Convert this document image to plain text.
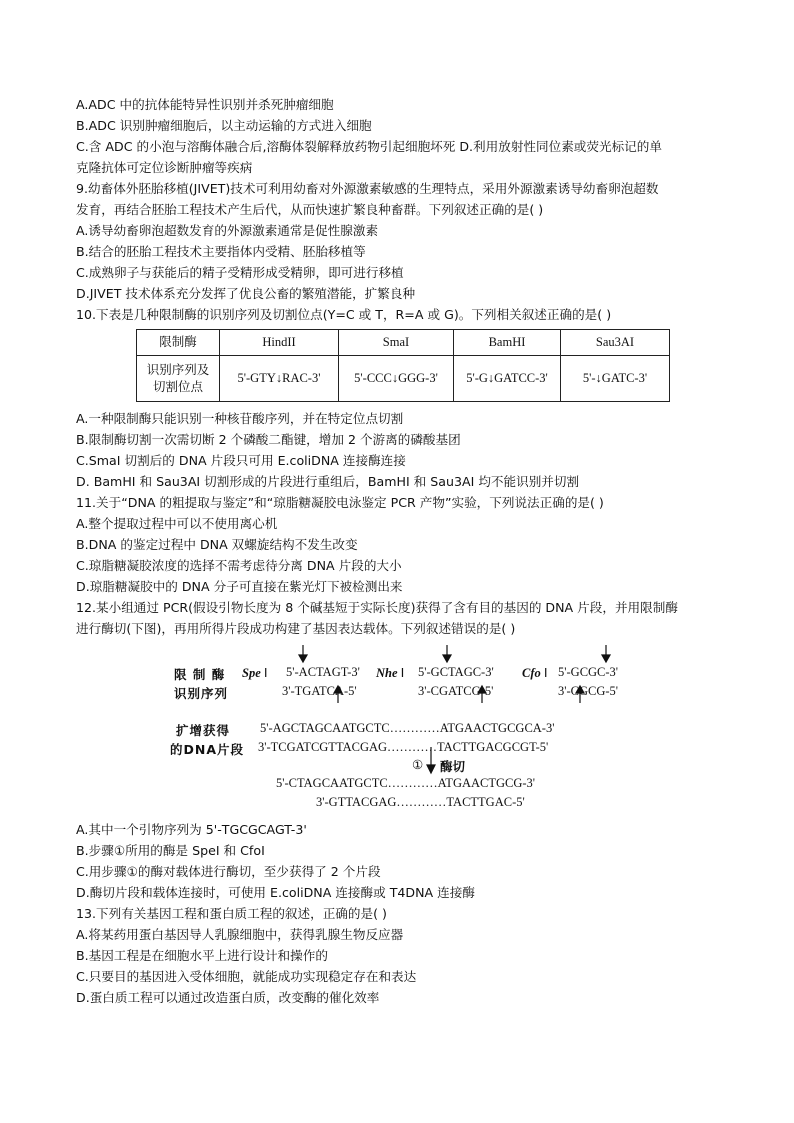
A.ADC 中的抗体能特异性识别并杀死肿瘤细胞
B.ADC 识别肿瘤细胞后，以主动运输的方式进入细胞
C.含 ADC 的小泡与溶酶体融合后,溶酶体裂解释放药物引起细胞坏死 D.利用放射性同位素或荧光标记的单
克隆抗体可定位诊断肿瘤等疾病
9.幼畜体外胚胎移植(JIVET)技术可利用幼畜对外源激素敏感的生理特点，采用外源激素诱导幼畜卵泡超数
发育，再结合胚胎工程技术产生后代，从而快速扩繁良种畜群。下列叙述正确的是( )
A.诱导幼畜卵泡超数发育的外源激素通常是促性腺激素
B.结合的胚胎工程技术主要指体内受精、胚胎移植等
C.成熟卵子与获能后的精子受精形成受精卵，即可进行移植
D.JIVET 技术体系充分发挥了优良公畜的繁殖潜能，扩繁良种
10.下表是几种限制酶的识别序列及切割位点(Y=C 或 T，R=A 或 G)。下列相关叙述正确的是( )
限制酶	HindII	SmaI	BamHI	Sau3AI
识别序列及切割位点	5'-GTY↓RAC-3'	5'-CCC↓GGG-3'	5'-G↓GATCC-3'	5'-↓GATC-3'
A.一种限制酶只能识别一种核苷酸序列，并在特定位点切割
B.限制酶切割一次需切断 2 个磷酸二酯键，增加 2 个游离的磷酸基团
C.SmaI 切割后的 DNA 片段只可用 E.coliDNA 连接酶连接
D. BamHI 和 Sau3AI 切割形成的片段进行重组后，BamHI 和 Sau3AI 均不能识别并切割
11.关于“DNA 的粗提取与鉴定”和“琼脂糖凝胶电泳鉴定 PCR 产物”实验，下列说法正确的是( )
A.整个提取过程中可以不使用离心机
B.DNA 的鉴定过程中 DNA 双螺旋结构不发生改变
C.琼脂糖凝胶浓度的选择不需考虑待分离 DNA 片段的大小
D.琼脂糖凝胶中的 DNA 分子可直接在紫光灯下被检测出来
12.某小组通过 PCR(假设引物长度为 8 个碱基短于实际长度)获得了含有目的基因的 DNA 片段，并用限制酶
进行酶切(下图)，再用所得片段成功构建了基因表达载体。下列叙述错误的是( )
限 制 酶
识别序列
Spe Ⅰ 5'-ACTAGT-3'
3'-TGATCA-5'
Nhe Ⅰ 5'-GCTAGC-3'
3'-CGATCG-5'
Cfo Ⅰ 5'-GCGC-3'
3'-CGCG-5'
扩增获得
的DNA片段
5'-AGCTAGCAATGCTC…………ATGAACTGCGCA-3'
3'-TCGATCGTTACGAG…………TACTTGACGCGT-5'
① 酶切
5'-CTAGCAATGCTC…………ATGAACTGCG-3'
3'-GTTACGAG…………TACTTGAC-5'
A.其中一个引物序列为 5'-TGCGCAGT-3'
B.步骤①所用的酶是 SpeI 和 CfoI
C.用步骤①的酶对载体进行酶切，至少获得了 2 个片段
D.酶切片段和载体连接时，可使用 E.coliDNA 连接酶或 T4DNA 连接酶
13.下列有关基因工程和蛋白质工程的叙述，正确的是( )
A.将某药用蛋白基因导人乳腺细胞中，获得乳腺生物反应器
B.基因工程是在细胞水平上进行设计和操作的
C.只要目的基因进入受体细胞，就能成功实现稳定存在和表达
D.蛋白质工程可以通过改造蛋白质，改变酶的催化效率
